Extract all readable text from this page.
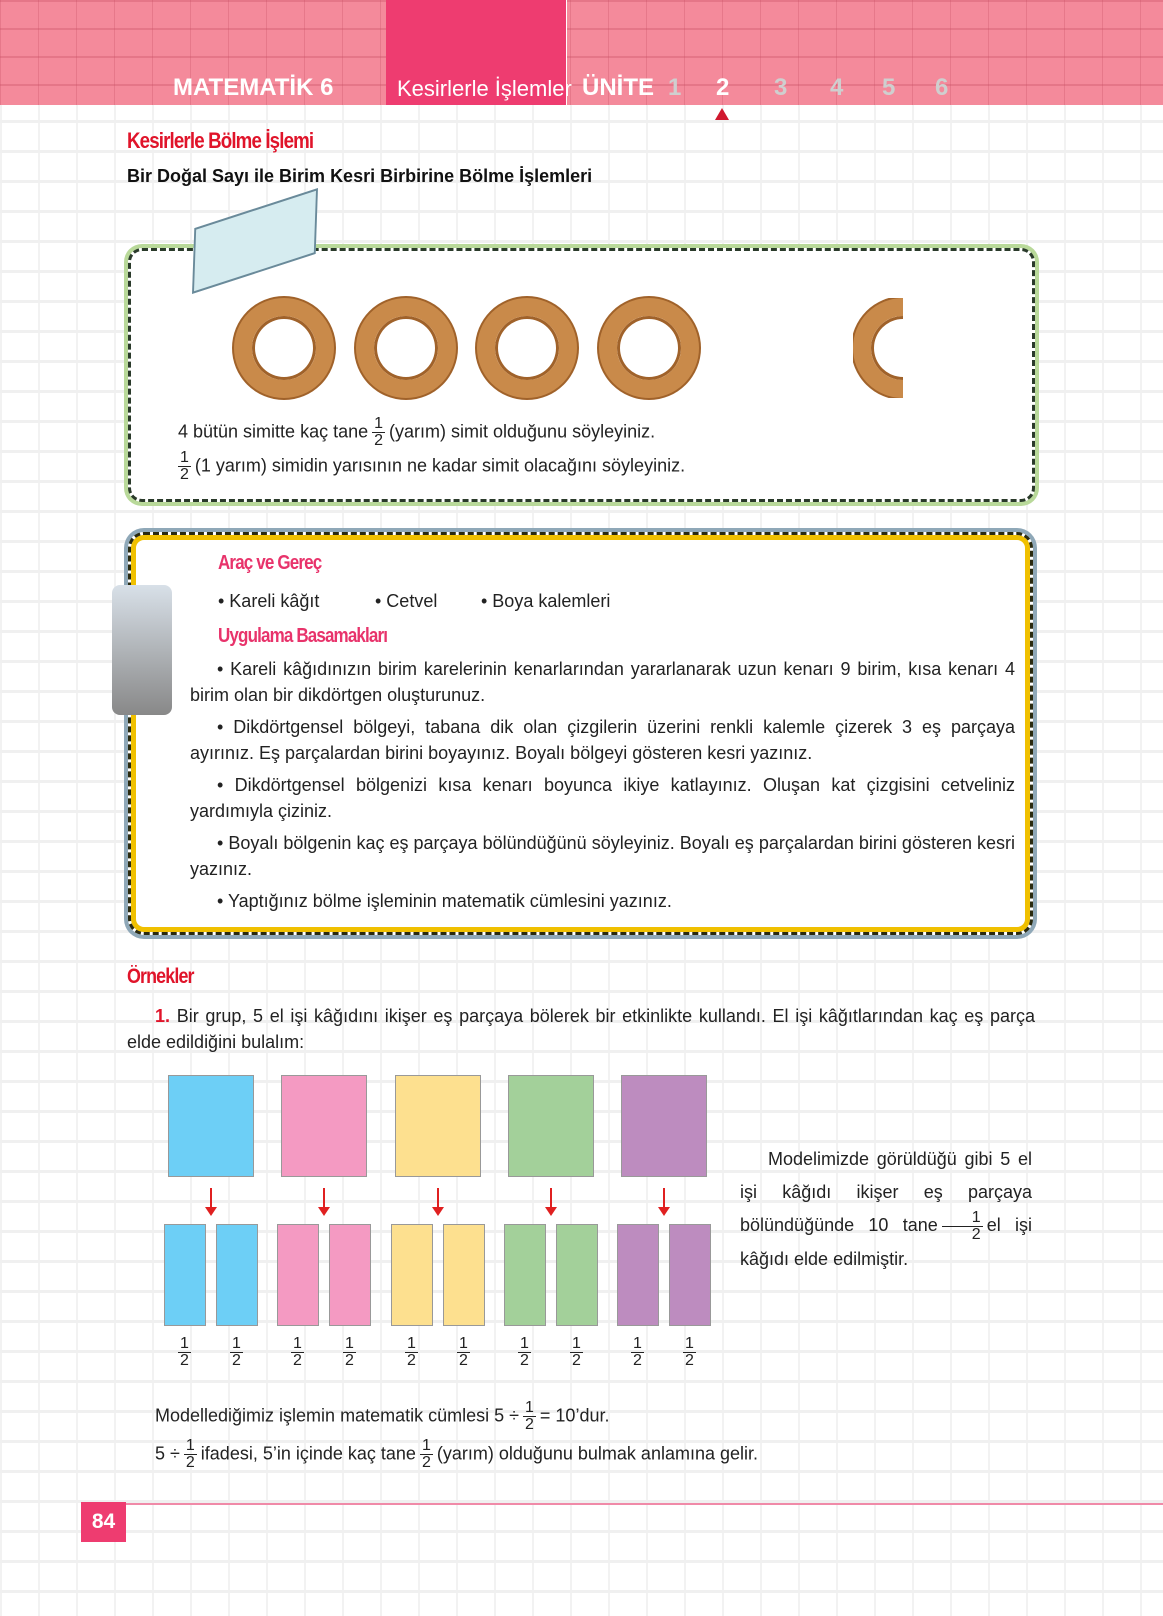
MATEMATİK 6	Kesirlerle İşlemler ÜNİTE 1 2 3 4 5 6
Kesirlerle Bölme İşlemi
Bir Doğal Sayı ile Birim Kesri Birbirine Bölme İşlemleri
4 bütün simitte kaç tane $\frac{1}{2}$ (yarım) simit olduğunu söyleyiniz.
$\frac{1}{2} (1$ yarım) simidin yarısının ne kadar simit olacağını söyleyiniz.
Araç ve Gereç
• Kareli kâğıt	• Cetvel • Boya kalemleri
Uygulama Basamakları

• Kareli kâğıdınızın birim karelerinin kenarlarından yararlanarak uzun kenarı 9 birim, kısa kenarı 4 birim olan bir dikdörtgen oluşturunuz.

• Dikdörtgensel bölgeyi, tabana dik olan çizgilerin üzerini renkli kalemle çizerek 3 eş parçaya ayırınız. Eş parçalardan birini boyayınız. Boyalı bölgeyi gösteren kesri yazınız.

• Dikdörtgensel bölgenizi kısa kenarı boyunca ikiye katlayınız. Oluşan kat çizgisini cetveliniz yardımıyla çiziniz.

• Boyalı bölgenin kaç eş parçaya bölündüğünü söyleyiniz. Boyalı eş parçalardan birini gösteren kesri yazınız.

• Yaptığınız bölme işleminin matematik cümlesini yazınız.

Örnekler
1. Bir grup, 5 el işi kâğıdını ikişer eş parçaya bölerek bir etkinlikte kullandı. El işi kâğıtlarından kaç eş parça elde edildiğini bulalım:
$\frac{1}{2} \frac{1}{2}$	$\frac{1}{2} \frac{1}{2}$	$\frac{1}{2} \frac{1}{2}$	$\frac{1}{2} \frac{1}{2}$	$\frac{1}{2} \frac{1}{2}$
Modelimizde görüldüğü gibi 5 el işi kâğıdı ikişer eş parçaya bölündüğünde 10 tane $\frac{1}{2}$ el işi kâğıdı elde edilmiştir.
Modellediğimiz işlemin matematik cümlesi $5 \div \frac{1}{2}$ = 10’dur.
$5 \div \frac{1}{2}$ ifadesi, 5’in içinde kaç tane $\frac{1}{2}$ (yarım) olduğunu bulmak anlamına gelir.
84
